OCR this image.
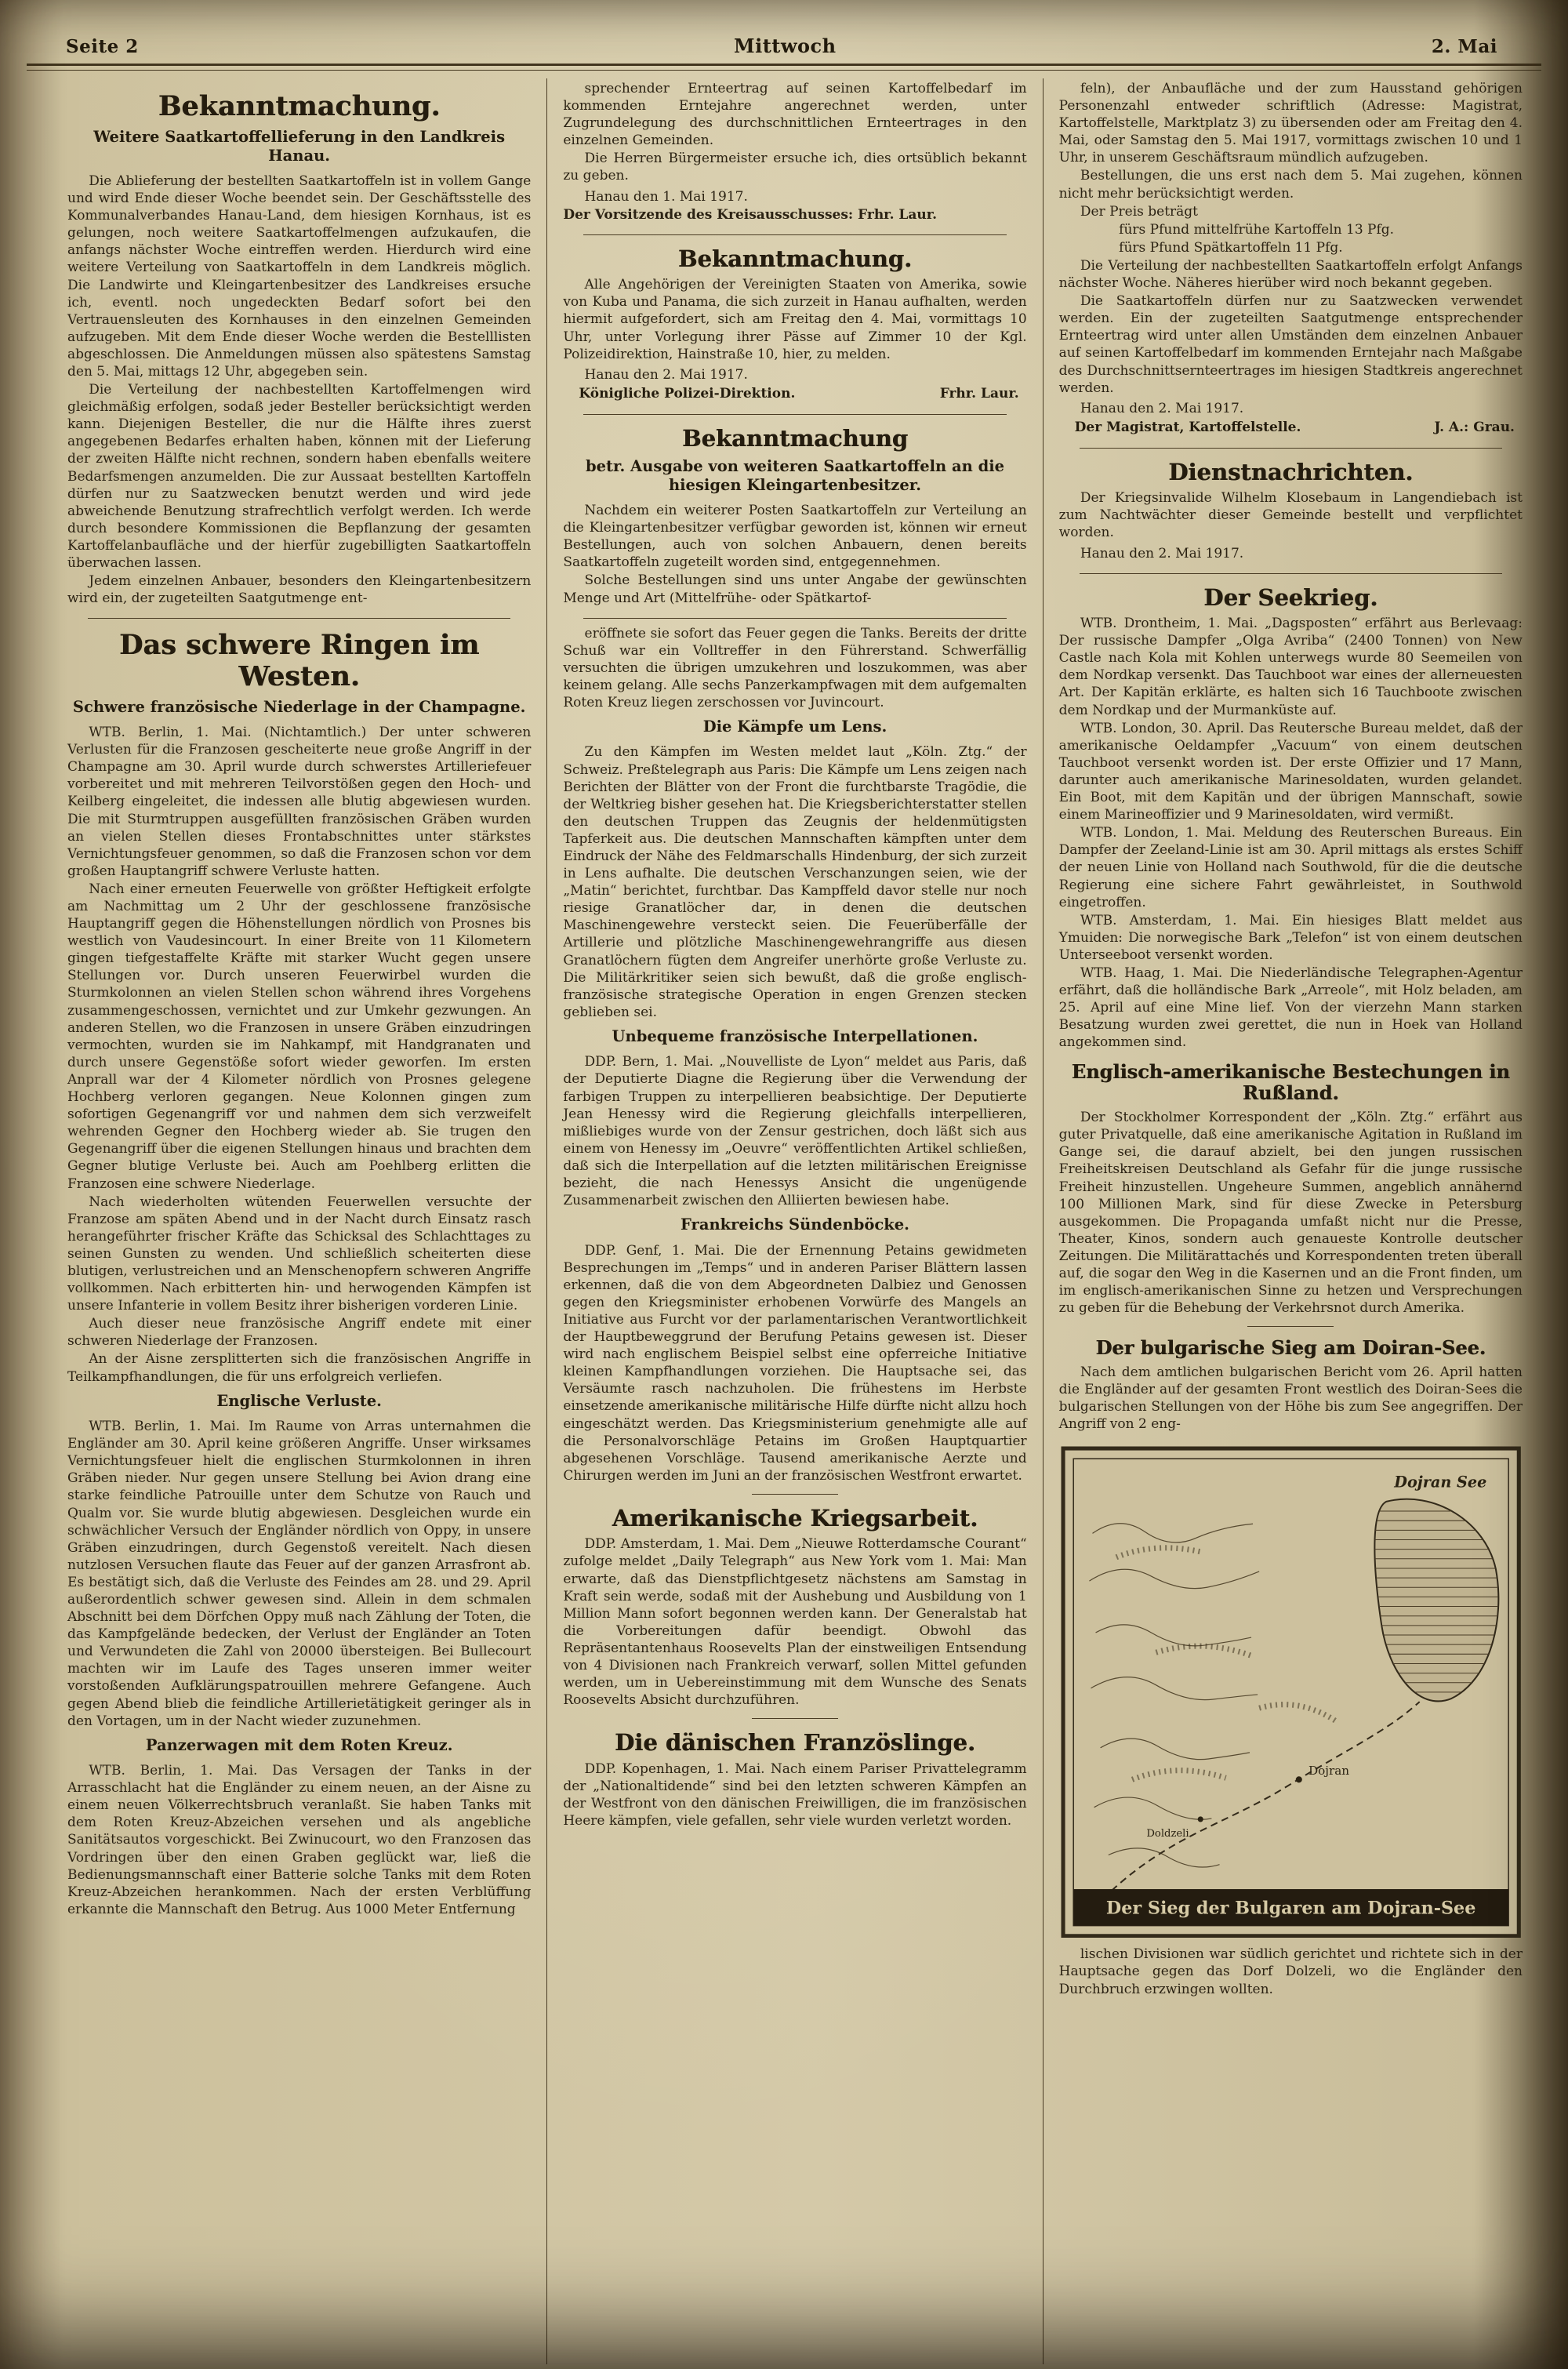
Seite 2	Mittwoch	2. Mai
Bekanntmachung.
Weitere Saatkartoffellieferung in den Landkreis Hanau.

Die Ablieferung der bestellten Saatkartoffeln ist in vollem Gange und wird Ende dieser Woche beendet sein. Der Geschäftsstelle des Kommunalverbandes Hanau-Land, dem hiesigen Kornhaus, ist es gelungen, noch weitere Saatkartoffelmengen aufzukaufen, die anfangs nächster Woche eintreffen werden. Hierdurch wird eine weitere Verteilung von Saatkartoffeln in dem Landkreis möglich. Die Landwirte und Kleingartenbesitzer des Landkreises ersuche ich, eventl. noch ungedeckten Bedarf sofort bei den Vertrauensleuten des Kornhauses in den einzelnen Gemeinden aufzugeben. Mit dem Ende dieser Woche werden die Bestelllisten abgeschlossen. Die Anmeldungen müssen also spätestens Samstag den 5. Mai, mittags 12 Uhr, abgegeben sein.

Die Verteilung der nachbestellten Kartoffelmengen wird gleichmäßig erfolgen, sodaß jeder Besteller berücksichtigt werden kann. Diejenigen Besteller, die nur die Hälfte ihres zuerst angegebenen Bedarfes erhalten haben, können mit der Lieferung der zweiten Hälfte nicht rechnen, sondern haben ebenfalls weitere Bedarfsmengen anzumelden. Die zur Aussaat bestellten Kartoffeln dürfen nur zu Saatzwecken benutzt werden und wird jede abweichende Benutzung strafrechtlich verfolgt werden. Ich werde durch besondere Kommissionen die Bepflanzung der gesamten Kartoffelanbaufläche und der hierfür zugebilligten Saatkartoffeln überwachen lassen.

Jedem einzelnen Anbauer, besonders den Kleingartenbesitzern wird ein, der zugeteilten Saatgutmenge ent-

Das schwere Ringen im Westen.
Schwere französische Niederlage in der Champagne.

WTB. Berlin, 1. Mai. (Nichtamtlich.) Der unter schweren Verlusten für die Franzosen gescheiterte neue große Angriff in der Champagne am 30. April wurde durch schwerstes Artilleriefeuer vorbereitet und mit mehreren Teilvorstößen gegen den Hoch- und Keilberg eingeleitet, die indessen alle blutig abgewiesen wurden. Die mit Sturmtruppen ausgefüllten französischen Gräben wurden an vielen Stellen dieses Frontabschnittes unter stärkstes Vernichtungsfeuer genommen, so daß die Franzosen schon vor dem großen Hauptangriff schwere Verluste hatten.

Nach einer erneuten Feuerwelle von größter Heftigkeit erfolgte am Nachmittag um 2 Uhr der geschlossene französische Hauptangriff gegen die Höhenstellungen nördlich von Prosnes bis westlich von Vaudesincourt. In einer Breite von 11 Kilometern gingen tiefgestaffelte Kräfte mit starker Wucht gegen unsere Stellungen vor. Durch unseren Feuerwirbel wurden die Sturmkolonnen an vielen Stellen schon während ihres Vorgehens zusammengeschossen, vernichtet und zur Umkehr gezwungen. An anderen Stellen, wo die Franzosen in unsere Gräben einzudringen vermochten, wurden sie im Nahkampf, mit Handgranaten und durch unsere Gegenstöße sofort wieder geworfen. Im ersten Anprall war der 4 Kilometer nördlich von Prosnes gelegene Hochberg verloren gegangen. Neue Kolonnen gingen zum sofortigen Gegenangriff vor und nahmen dem sich verzweifelt wehrenden Gegner den Hochberg wieder ab. Sie trugen den Gegenangriff über die eigenen Stellungen hinaus und brachten dem Gegner blutige Verluste bei. Auch am Poehlberg erlitten die Franzosen eine schwere Niederlage.

Nach wiederholten wütenden Feuerwellen versuchte der Franzose am späten Abend und in der Nacht durch Einsatz rasch herangeführter frischer Kräfte das Schicksal des Schlachttages zu seinen Gunsten zu wenden. Und schließlich scheiterten diese blutigen, verlustreichen und an Menschenopfern schweren Angriffe vollkommen. Nach erbitterten hin- und herwogenden Kämpfen ist unsere Infanterie in vollem Besitz ihrer bisherigen vorderen Linie.

Auch dieser neue französische Angriff endete mit einer schweren Niederlage der Franzosen.

An der Aisne zersplitterten sich die französischen Angriffe in Teilkampfhandlungen, die für uns erfolgreich verliefen.

Englische Verluste.

WTB. Berlin, 1. Mai. Im Raume von Arras unternahmen die Engländer am 30. April keine größeren Angriffe. Unser wirksames Vernichtungsfeuer hielt die englischen Sturmkolonnen in ihren Gräben nieder. Nur gegen unsere Stellung bei Avion drang eine starke feindliche Patrouille unter dem Schutze von Rauch und Qualm vor. Sie wurde blutig abgewiesen. Desgleichen wurde ein schwächlicher Versuch der Engländer nördlich von Oppy, in unsere Gräben einzudringen, durch Gegenstoß vereitelt. Nach diesen nutzlosen Versuchen flaute das Feuer auf der ganzen Arrasfront ab. Es bestätigt sich, daß die Verluste des Feindes am 28. und 29. April außerordentlich schwer gewesen sind. Allein in dem schmalen Abschnitt bei dem Dörfchen Oppy muß nach Zählung der Toten, die das Kampfgelände bedecken, der Verlust der Engländer an Toten und Verwundeten die Zahl von 20000 übersteigen. Bei Bullecourt machten wir im Laufe des Tages unseren immer weiter vorstoßenden Aufklärungspatrouillen mehrere Gefangene. Auch gegen Abend blieb die feindliche Artillerietätigkeit geringer als in den Vortagen, um in der Nacht wieder zuzunehmen.

Panzerwagen mit dem Roten Kreuz.

WTB. Berlin, 1. Mai. Das Versagen der Tanks in der Arrasschlacht hat die Engländer zu einem neuen, an der Aisne zu einem neuen Völkerrechtsbruch veranlaßt. Sie haben Tanks mit dem Roten Kreuz-Abzeichen versehen und als angebliche Sanitätsautos vorgeschickt. Bei Zwinucourt, wo den Franzosen das Vordringen über den einen Graben geglückt war, ließ die Bedienungsmannschaft einer Batterie solche Tanks mit dem Roten Kreuz-Abzeichen herankommen. Nach der ersten Verblüffung erkannte die Mannschaft den Betrug. Aus 1000 Meter Entfernung

sprechender Ernteertrag auf seinen Kartoffelbedarf im kommenden Erntejahre angerechnet werden, unter Zugrundelegung des durchschnittlichen Ernteertrages in den einzelnen Gemeinden.

Die Herren Bürgermeister ersuche ich, dies ortsüblich bekannt zu geben.

Hanau den 1. Mai 1917.

Der Vorsitzende des Kreisausschusses: Frhr. Laur.

Bekanntmachung.

Alle Angehörigen der Vereinigten Staaten von Amerika, sowie von Kuba und Panama, die sich zurzeit in Hanau aufhalten, werden hiermit aufgefordert, sich am Freitag den 4. Mai, vormittags 10 Uhr, unter Vorlegung ihrer Pässe auf Zimmer 10 der Kgl. Polizeidirektion, Hainstraße 10, hier, zu melden.

Hanau den 2. Mai 1917.

Königliche Polizei-Direktion.	Frhr. Laur.
Bekanntmachung
betr. Ausgabe von weiteren Saatkartoffeln an die hiesigen Kleingartenbesitzer.

Nachdem ein weiterer Posten Saatkartoffeln zur Verteilung an die Kleingartenbesitzer verfügbar geworden ist, können wir erneut Bestellungen, auch von solchen Anbauern, denen bereits Saatkartoffeln zugeteilt worden sind, entgegennehmen.

Solche Bestellungen sind uns unter Angabe der gewünschten Menge und Art (Mittelfrühe- oder Spätkartof-

eröffnete sie sofort das Feuer gegen die Tanks. Bereits der dritte Schuß war ein Volltreffer in den Führerstand. Schwerfällig versuchten die übrigen umzukehren und loszukommen, was aber keinem gelang. Alle sechs Panzerkampfwagen mit dem aufgemalten Roten Kreuz liegen zerschossen vor Juvincourt.

Die Kämpfe um Lens.

Zu den Kämpfen im Westen meldet laut „Köln. Ztg.“ der Schweiz. Preßtelegraph aus Paris: Die Kämpfe um Lens zeigen nach Berichten der Blätter von der Front die furchtbarste Tragödie, die der Weltkrieg bisher gesehen hat. Die Kriegsberichterstatter stellen den deutschen Truppen das Zeugnis der heldenmütigsten Tapferkeit aus. Die deutschen Mannschaften kämpften unter dem Eindruck der Nähe des Feldmarschalls Hindenburg, der sich zurzeit in Lens aufhalte. Die deutschen Verschanzungen seien, wie der „Matin“ berichtet, furchtbar. Das Kampffeld davor stelle nur noch riesige Granatlöcher dar, in denen die deutschen Maschinengewehre versteckt seien. Die Feuerüberfälle der Artillerie und plötzliche Maschinengewehrangriffe aus diesen Granatlöchern fügten dem Angreifer unerhörte große Verluste zu. Die Militärkritiker seien sich bewußt, daß die große englisch-französische strategische Operation in engen Grenzen stecken geblieben sei.

Unbequeme französische Interpellationen.

DDP. Bern, 1. Mai. „Nouvelliste de Lyon“ meldet aus Paris, daß der Deputierte Diagne die Regierung über die Verwendung der farbigen Truppen zu interpellieren beabsichtige. Der Deputierte Jean Henessy wird die Regierung gleichfalls interpellieren, mißliebiges wurde von der Zensur gestrichen, doch läßt sich aus einem von Henessy im „Oeuvre“ veröffentlichten Artikel schließen, daß sich die Interpellation auf die letzten militärischen Ereignisse bezieht, die nach Henessys Ansicht die ungenügende Zusammenarbeit zwischen den Alliierten bewiesen habe.

Frankreichs Sündenböcke.

DDP. Genf, 1. Mai. Die der Ernennung Petains gewidmeten Besprechungen im „Temps“ und in anderen Pariser Blättern lassen erkennen, daß die von dem Abgeordneten Dalbiez und Genossen gegen den Kriegsminister erhobenen Vorwürfe des Mangels an Initiative aus Furcht vor der parlamentarischen Verantwortlichkeit der Hauptbeweggrund der Berufung Petains gewesen ist. Dieser wird nach englischem Beispiel selbst eine opferreiche Initiative kleinen Kampfhandlungen vorziehen. Die Hauptsache sei, das Versäumte rasch nachzuholen. Die frühestens im Herbste einsetzende amerikanische militärische Hilfe dürfte nicht allzu hoch eingeschätzt werden. Das Kriegsministerium genehmigte alle auf die Personalvorschläge Petains im Großen Hauptquartier abgesehenen Vorschläge. Tausend amerikanische Aerzte und Chirurgen werden im Juni an der französischen Westfront erwartet.

Amerikanische Kriegsarbeit.

DDP. Amsterdam, 1. Mai. Dem „Nieuwe Rotterdamsche Courant“ zufolge meldet „Daily Telegraph“ aus New York vom 1. Mai: Man erwarte, daß das Dienstpflichtgesetz nächstens am Samstag in Kraft sein werde, sodaß mit der Aushebung und Ausbildung von 1 Million Mann sofort begonnen werden kann. Der Generalstab hat die Vorbereitungen dafür beendigt. Obwohl das Repräsentantenhaus Roosevelts Plan der einstweiligen Entsendung von 4 Divisionen nach Frankreich verwarf, sollen Mittel gefunden werden, um in Uebereinstimmung mit dem Wunsche des Senats Roosevelts Absicht durchzuführen.

Die dänischen Französlinge.

DDP. Kopenhagen, 1. Mai. Nach einem Pariser Privattelegramm der „Nationaltidende“ sind bei den letzten schweren Kämpfen an der Westfront von den dänischen Freiwilligen, die im französischen Heere kämpfen, viele gefallen, sehr viele wurden verletzt worden.

feln), der Anbaufläche und der zum Hausstand gehörigen Personenzahl entweder schriftlich (Adresse: Magistrat, Kartoffelstelle, Marktplatz 3) zu übersenden oder am Freitag den 4. Mai, oder Samstag den 5. Mai 1917, vormittags zwischen 10 und 1 Uhr, in unserem Geschäftsraum mündlich aufzugeben.

Bestellungen, die uns erst nach dem 5. Mai zugehen, können nicht mehr berücksichtigt werden.

Der Preis beträgt

fürs Pfund mittelfrühe Kartoffeln 13 Pfg.

fürs Pfund Spätkartoffeln 11 Pfg.

Die Verteilung der nachbestellten Saatkartoffeln erfolgt Anfangs nächster Woche. Näheres hierüber wird noch bekannt gegeben.

Die Saatkartoffeln dürfen nur zu Saatzwecken verwendet werden. Ein der zugeteilten Saatgutmenge entsprechender Ernteertrag wird unter allen Umständen dem einzelnen Anbauer auf seinen Kartoffelbedarf im kommenden Erntejahr nach Maßgabe des Durchschnittsernteertrages im hiesigen Stadtkreis angerechnet werden.

Hanau den 2. Mai 1917.

Der Magistrat, Kartoffelstelle.	J. A.: Grau.
Dienstnachrichten.

Der Kriegsinvalide Wilhelm Klosebaum in Langendiebach ist zum Nachtwächter dieser Gemeinde bestellt und verpflichtet worden.

Hanau den 2. Mai 1917.

Der Seekrieg.

WTB. Drontheim, 1. Mai. „Dagsposten“ erfährt aus Berlevaag: Der russische Dampfer „Olga Avriba“ (2400 Tonnen) von New Castle nach Kola mit Kohlen unterwegs wurde 80 Seemeilen von dem Nordkap versenkt. Das Tauchboot war eines der allerneuesten Art. Der Kapitän erklärte, es halten sich 16 Tauchboote zwischen dem Nordkap und der Murmanküste auf.

WTB. London, 30. April. Das Reutersche Bureau meldet, daß der amerikanische Oeldampfer „Vacuum“ von einem deutschen Tauchboot versenkt worden ist. Der erste Offizier und 17 Mann, darunter auch amerikanische Marinesoldaten, wurden gelandet. Ein Boot, mit dem Kapitän und der übrigen Mannschaft, sowie einem Marineoffizier und 9 Marinesoldaten, wird vermißt.

WTB. London, 1. Mai. Meldung des Reuterschen Bureaus. Ein Dampfer der Zeeland-Linie ist am 30. April mittags als erstes Schiff der neuen Linie von Holland nach Southwold, für die die deutsche Regierung eine sichere Fahrt gewährleistet, in Southwold eingetroffen.

WTB. Amsterdam, 1. Mai. Ein hiesiges Blatt meldet aus Ymuiden: Die norwegische Bark „Telefon“ ist von einem deutschen Unterseeboot versenkt worden.

WTB. Haag, 1. Mai. Die Niederländische Telegraphen-Agentur erfährt, daß die holländische Bark „Arreole“, mit Holz beladen, am 25. April auf eine Mine lief. Von der vierzehn Mann starken Besatzung wurden zwei gerettet, die nun in Hoek van Holland angekommen sind.

Englisch-amerikanische Bestechungen in Rußland.

Der Stockholmer Korrespondent der „Köln. Ztg.“ erfährt aus guter Privatquelle, daß eine amerikanische Agitation in Rußland im Gange sei, die darauf abzielt, bei den jungen russischen Freiheitskreisen Deutschland als Gefahr für die junge russische Freiheit hinzustellen. Ungeheure Summen, angeblich annähernd 100 Millionen Mark, sind für diese Zwecke in Petersburg ausgekommen. Die Propaganda umfaßt nicht nur die Presse, Theater, Kinos, sondern auch genaueste Kontrolle deutscher Zeitungen. Die Militärattachés und Korrespondenten treten überall auf, die sogar den Weg in die Kasernen und an die Front finden, um im englisch-amerikanischen Sinne zu hetzen und Versprechungen zu geben für die Behebung der Verkehrsnot durch Amerika.

Der bulgarische Sieg am Doiran-See.

Nach dem amtlichen bulgarischen Bericht vom 26. April hatten die Engländer auf der gesamten Front westlich des Doiran-Sees die bulgarischen Stellungen von der Höhe bis zum See angegriffen. Der Angriff von 2 eng-

Dojran See
Dojran
Doldzeli
Der Sieg der Bulgaren am Dojran-See

lischen Divisionen war südlich gerichtet und richtete sich in der Hauptsache gegen das Dorf Dolzeli, wo die Engländer den Durchbruch erzwingen wollten.
